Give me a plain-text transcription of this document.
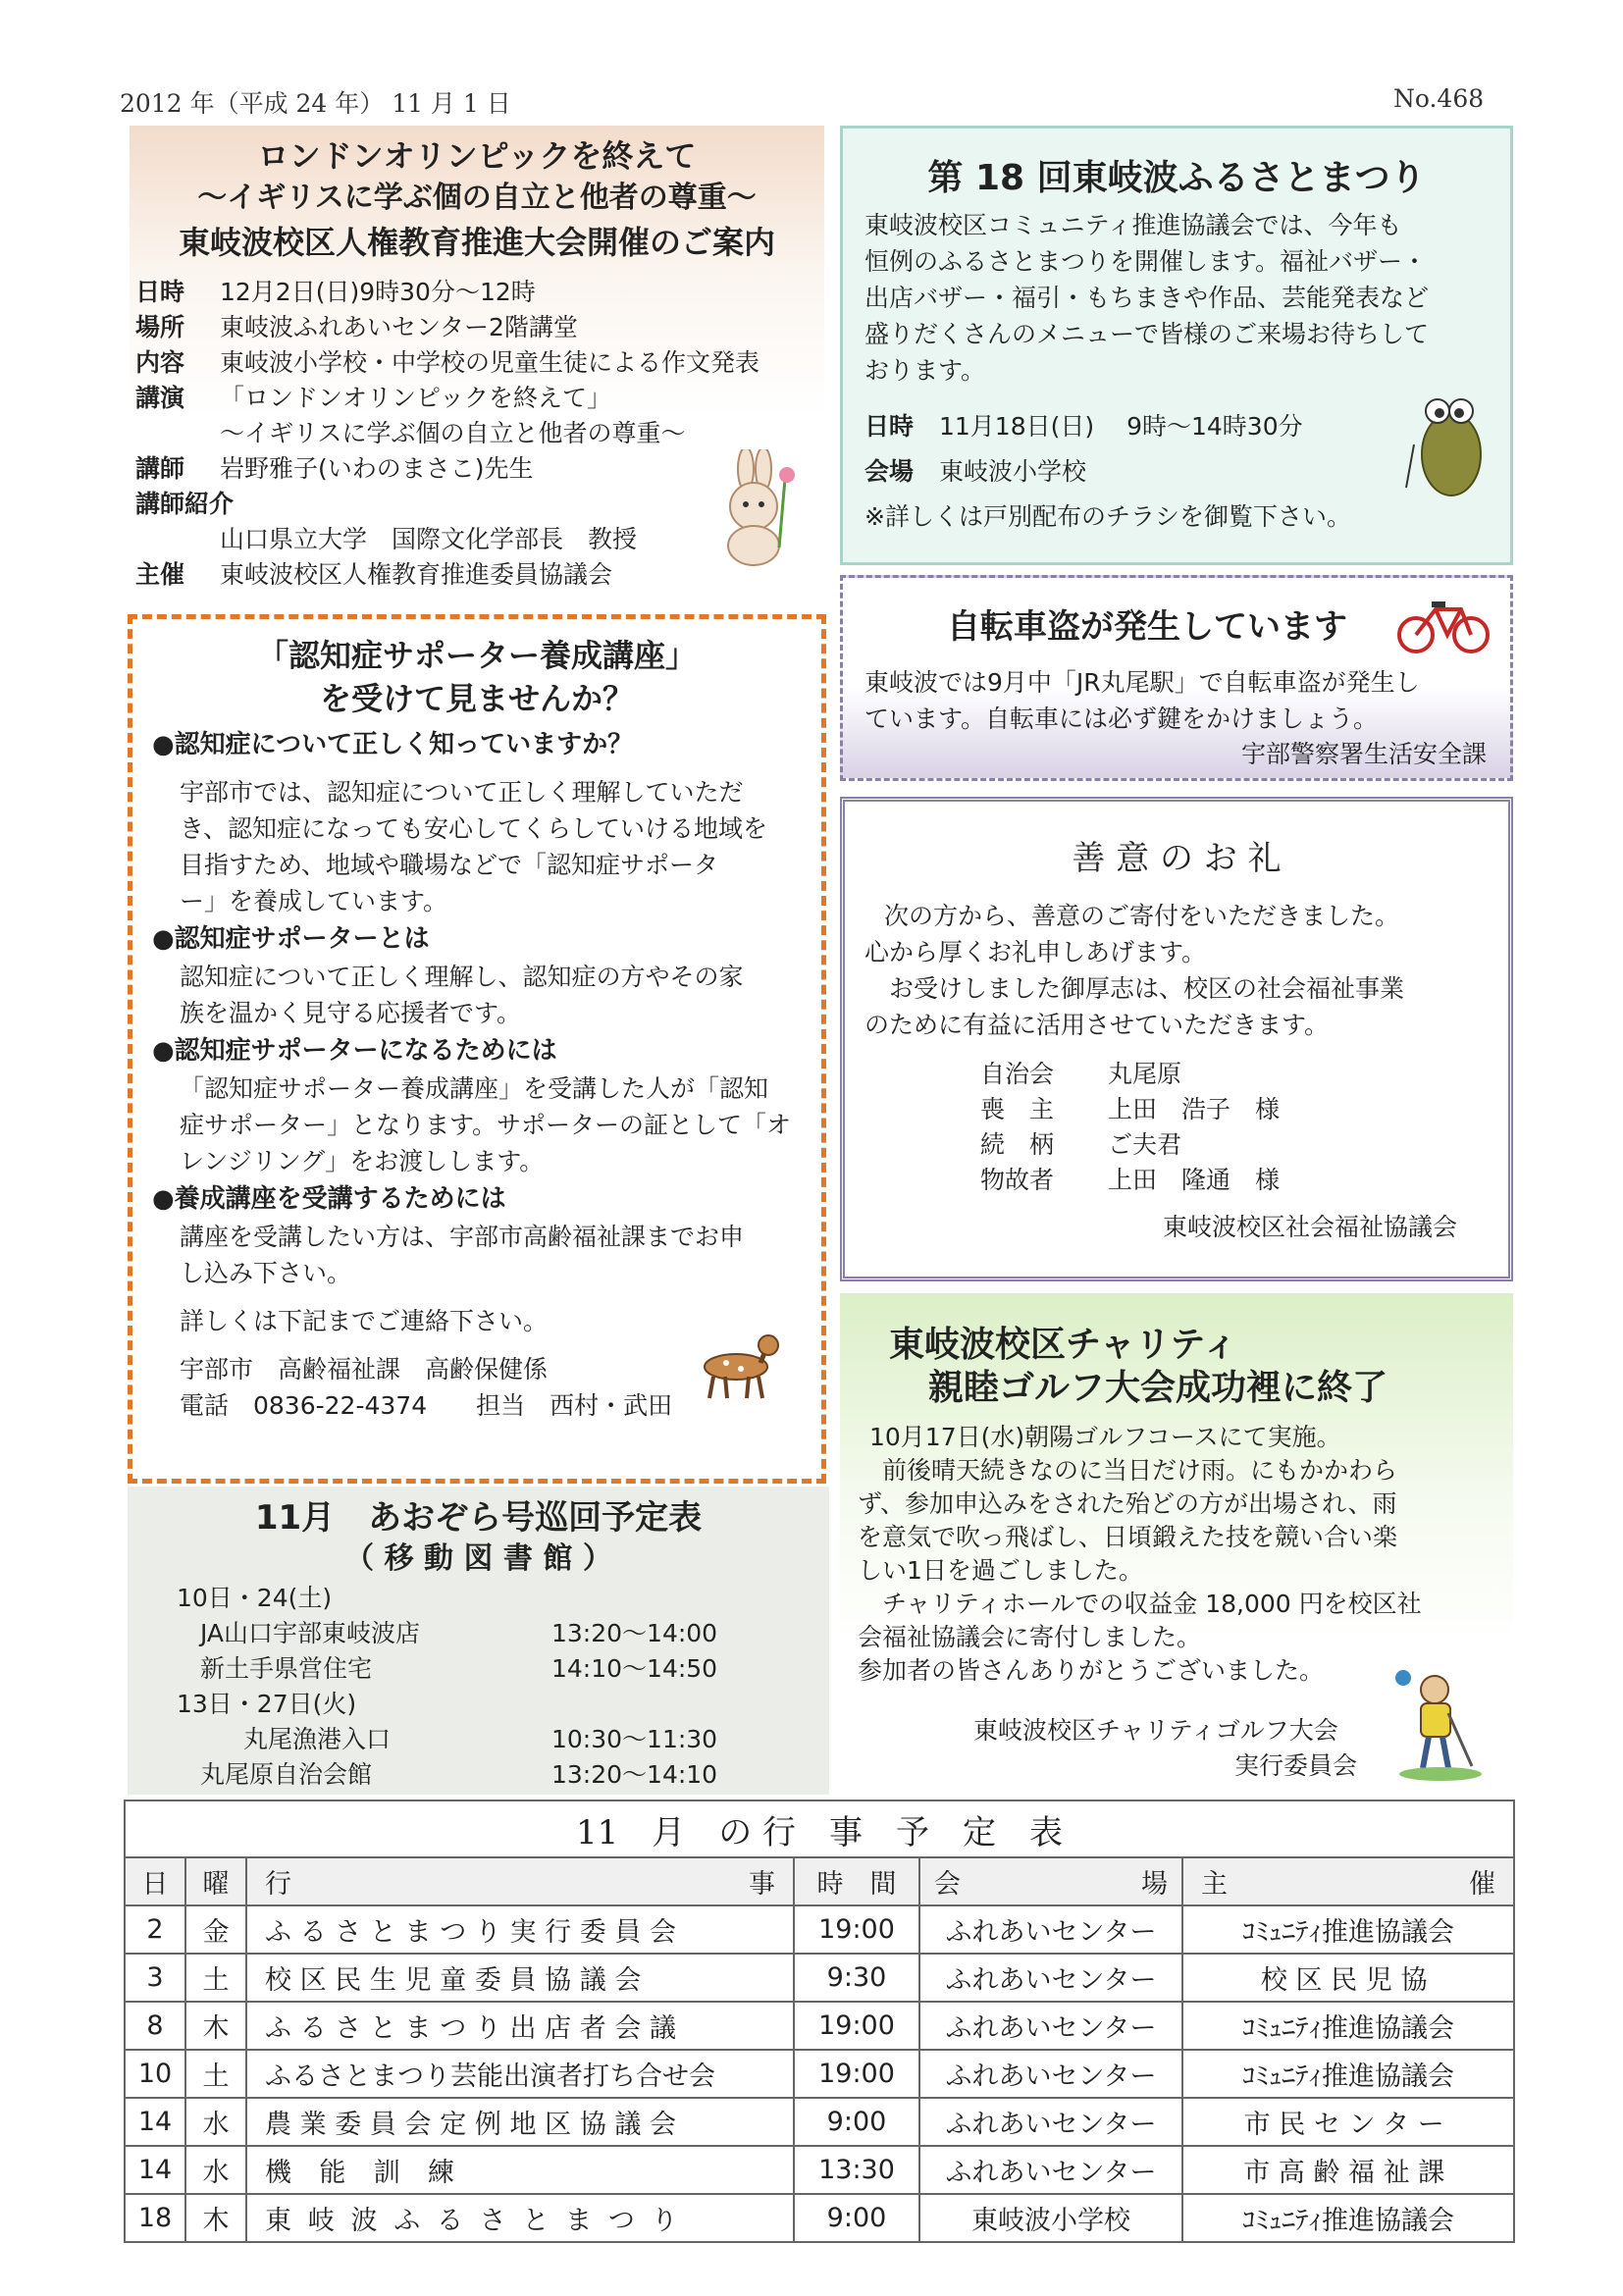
2012 年（平成 24 年） 11 月 1 日	No.468
ロンドンオリンピックを終えて
～イギリスに学ぶ個の自立と他者の尊重～
東岐波校区人権教育推進大会開催のご案内
日時	12月2日(日)9時30分～12時
場所	東岐波ふれあいセンター2階講堂
内容	東岐波小学校・中学校の児童生徒による作文発表
講演	「ロンドンオリンピックを終えて」
～イギリスに学ぶ個の自立と他者の尊重～
講師	岩野雅子(いわのまさこ)先生
講師紹介
山口県立大学　国際文化学部長　教授
主催	東岐波校区人権教育推進委員協議会
「認知症サポーター養成講座」
を受けて見ませんか？
●認知症について正しく知っていますか？
宇部市では、認知症について正しく理解していただ
き、認知症になっても安心してくらしていける地域を
目指すため、地域や職場などで「認知症サポータ
ー」を養成しています。
●認知症サポーターとは
認知症について正しく理解し、認知症の方やその家
族を温かく見守る応援者です。
●認知症サポーターになるためには
「認知症サポーター養成講座」を受講した人が「認知
症サポーター」となります。サポーターの証として「オ
レンジリング」をお渡しします。
●養成講座を受講するためには
講座を受講したい方は、宇部市高齢福祉課までお申
し込み下さい。
詳しくは下記までご連絡下さい。
宇部市　高齢福祉課　高齢保健係
電話　0836-22-4374　　担当　西村・武田
11月　あおぞら号巡回予定表
（ 移 動 図 書 館 ）
10日・24(土)
JA山口宇部東岐波店	13:20～14:00
新土手県営住宅	14:10～14:50
13日・27日(火)
丸尾漁港入口	10:30～11:30
丸尾原自治会館	13:20～14:10
第 18 回東岐波ふるさとまつり
東岐波校区コミュニティ推進協議会では、今年も
恒例のふるさとまつりを開催します。福祉バザー・
出店バザー・福引・もちまきや作品、芸能発表など
盛りだくさんのメニューで皆様のご来場お待ちして
おります。
日時	11月18日(日)　 9時～14時30分
会場	東岐波小学校
※詳しくは戸別配布のチラシを御覧下さい。
自転車盗が発生しています
東岐波では9月中「JR丸尾駅」で自転車盗が発生し
ています。自転車には必ず鍵をかけましょう。
宇部警察署生活安全課
善 意 の お 礼
次の方から、善意のご寄付をいただきました。
心から厚くお礼申しあげます。
　お受けしました御厚志は、校区の社会福祉事業
のために有益に活用させていただきます。
自治会	丸尾原
喪　主	上田　浩子　様
続　柄	ご夫君
物故者	上田　隆通　様
東岐波校区社会福祉協議会
東岐波校区チャリティ
親睦ゴルフ大会成功裡に終了
10月17日(水)朝陽ゴルフコースにて実施。
　前後晴天続きなのに当日だけ雨。にもかかわら
ず、参加申込みをされた殆どの方が出場され、雨
を意気で吹っ飛ばし、日頃鍛えた技を競い合い楽
しい1日を過ごしました。
　チャリティホールでの収益金 18,000 円を校区社
会福祉協議会に寄付しました。
参加者の皆さんありがとうございました。
東岐波校区チャリティゴルフ大会
実行委員会
11　月　の 行　事　予　定　表					
日	曜	行 事	時　間	会 場	主 催

2	金	ふるさとまつり実行委員会	19:00	ふれあいセンター	ｺﾐｭﾆﾃｨ推進協議会
3	土	校区民生児童委員協議会	9:30	ふれあいセンター	校区民児協
8	木	ふるさとまつり出店者会議	19:00	ふれあいセンター	ｺﾐｭﾆﾃｨ推進協議会
10	土	ふるさとまつり芸能出演者打ち合せ会	19:00	ふれあいセンター	ｺﾐｭﾆﾃｨ推進協議会
14	水	農業委員会定例地区協議会	9:00	ふれあいセンター	市民センター
14	水	機能訓練	13:30	ふれあいセンター	市高齢福祉課
18	木	東岐波ふるさとまつり	9:00	東岐波小学校	ｺﾐｭﾆﾃｨ推進協議会
